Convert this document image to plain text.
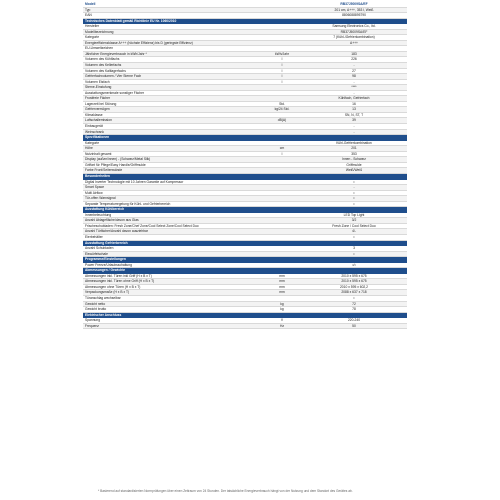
Modell	RB37J5009SA/EF
Typ	201 cm, A+++, 353 l, Weiß
EAN	8806088895790
Technisches Datenblatt gemäß Richtlinie EU Nr. 1060/2010
Hersteller	Samsung Electronics Co., ltd.
Modellbezeichnung	RB37J5009SA/EF
Kategorie	7 (Kühl-/Gefrierkombination)
Energieeffizienzklasse A+++ (höchste Effizienz) bis D (geringste Effizienz)	A+++
EU-Umweltzeichen
Jährlicher Energieverbrauch in kWh/Jahr *	kWh/Jahr	183
Volumen des Kühlfachs	l	226
Volumen des Kellerfachs	l	-
Volumen des Kaltlagerfachs	l	27
Gefrierfachvolumen / Vier Sterne Fach	l	98
Volumen Eisfach	l	-
Sterne-Einstufung	****
Ausstattungsmerkmale sonstiger Fächer	-
Frostfreie Fächer	Kühlfach, Gefrierfach
Lagerzeit bei Störung	Std.	16
Gefriervermögen	kg/24 Std.	13
Klimaklasse	SN, N, ST, T
Luftschallemission	dB(A)	39
Einbaugerät	-
Weinschrank	-
Spezifikationen
Kategorie	Kühl-Gefrierkombination
Höhe	cm	201
Nutzinhalt gesamt	l	353
Display (außen/innen) - (Schwarz/Metal Silk)	Innen - Schwarz
Griffart für Pflege/Easy Handle/Griffmulde	Griffmulde
Farbe Front/Seitenwände	Weiß/Weiß
Besonderheiten
Digital Inverter Technologie mit 10 Jahren Garantie auf Kompressor	•
Smart Space	-
Multi Airflow	•
Tür-offen Warnsignal	•
Separate Temperaturregelung für Kühl- und Gefrierbereich	•
Ausstattung Kühlbereich
Innenbeleuchtung	LED Top Light
Anzahl Ablagefläche/davon aus Glas	3/2
Frischeschubladen: Fresh Zone/Chef Zone/Cool Select Zone/Cool Select Duo	Fresh Zone / Cool Select Duo
Anzahl Türfächer/Anzahl davon ausziehbar	4/-
Eierbehälter	•
Ausstattung Gefrierbereich
Anzahl Schubladen	3
Eiswürfelschale	•
Programme/Einstellungen
Power Freeze/Urlaubsschaltung	•/•
Abmessungen / Gewichte
Abmessungen inkl. Türen inkl Griff (H x B x T)	mm	2010 x 595 x 675
Abmessungen inkl. Türen ohne Griff (H x B x T)	mm	2010 x 595 x 675
Abmessungen ohne Türen (H x B x T)	mm	2010 x 595 x 602,2
Verpackungsmaße (H x B x T)	mm	2088 x 637 x 718
Türanschlag wechselbar	•
Gewicht netto	kg	72
Gewicht brutto	kg	78
Elektrischer Anschluss
Spannung	V	220-240
Frequenz	Hz	50
* Basierend auf standardisierten Normprüfungen über einen Zeitraum von 24 Stunden. Der tatsächliche Energieverbrauch hängt von der Nutzung und dem Standort des Gerätes ab.
